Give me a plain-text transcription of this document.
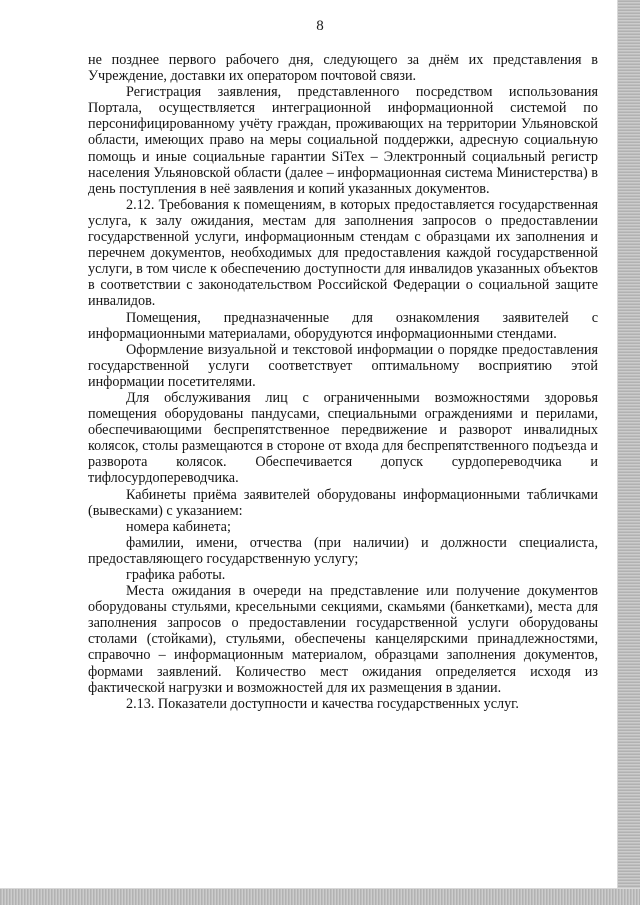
8

не позднее первого рабочего дня, следующего за днём их представления в Учреждение, доставки их оператором почтовой связи.

Регистрация заявления, представленного посредством использования Портала, осуществляется интеграционной информационной системой по персонифицированному учёту граждан, проживающих на территории Ульяновской области, имеющих право на меры социальной поддержки, адресную социальную помощь и иные социальные гарантии SiTex – Электронный социальный регистр населения Ульяновской области (далее – информационная система Министерства) в день поступления в неё заявления и копий указанных документов.

2.12. Требования к помещениям, в которых предоставляется государственная услуга, к залу ожидания, местам для заполнения запросов о предоставлении государственной услуги, информационным стендам с образцами их заполнения и перечнем документов, необходимых для предоставления каждой государственной услуги, в том числе к обеспечению доступности для инвалидов указанных объектов в соответствии с законодательством Российской Федерации о социальной защите инвалидов.

Помещения, предназначенные для ознакомления заявителей с информационными материалами, оборудуются информационными стендами.

Оформление визуальной и текстовой информации о порядке предоставления государственной услуги соответствует оптимальному восприятию этой информации посетителями.

Для обслуживания лиц с ограниченными возможностями здоровья помещения оборудованы пандусами, специальными ограждениями и перилами, обеспечивающими беспрепятственное передвижение и разворот инвалидных колясок, столы размещаются в стороне от входа для беспрепятственного подъезда и разворота колясок. Обеспечивается допуск сурдопереводчика и тифлосурдопереводчика.

Кабинеты приёма заявителей оборудованы информационными табличками (вывесками) с указанием:

номера кабинета;

фамилии, имени, отчества (при наличии) и должности специалиста, предоставляющего государственную услугу;

графика работы.

Места ожидания в очереди на представление или получение документов оборудованы стульями, кресельными секциями, скамьями (банкетками), места для заполнения запросов о предоставлении государственной услуги оборудованы столами (стойками), стульями, обеспечены канцелярскими принадлежностями, справочно – информационным материалом, образцами заполнения документов, формами заявлений. Количество мест ожидания определяется исходя из фактической нагрузки и возможностей для их размещения в здании.

2.13. Показатели доступности и качества государственных услуг.
